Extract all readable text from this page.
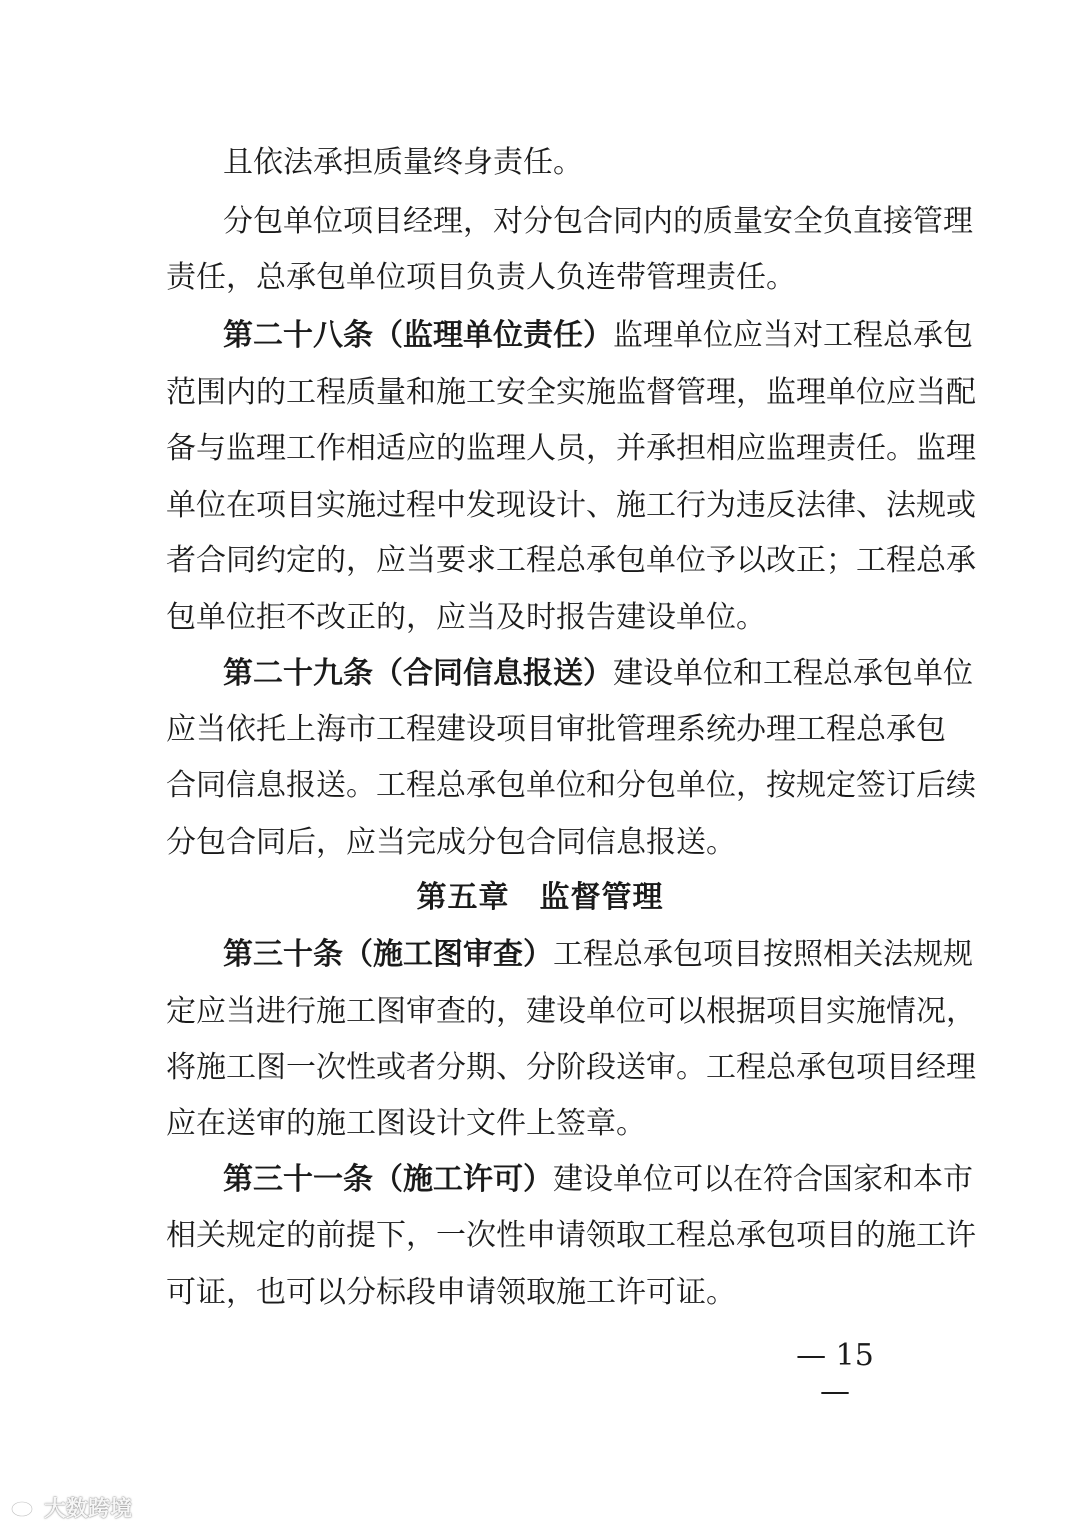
且依法承担质量终身责任。
分包单位项目经理，对分包合同内的质量安全负直接管理
责任，总承包单位项目负责人负连带管理责任。
第二十八条（监理单位责任）监理单位应当对工程总承包
范围内的工程质量和施工安全实施监督管理，监理单位应当配
备与监理工作相适应的监理人员，并承担相应监理责任。监理
单位在项目实施过程中发现设计、施工行为违反法律、法规或
者合同约定的，应当要求工程总承包单位予以改正；工程总承
包单位拒不改正的，应当及时报告建设单位。
第二十九条（合同信息报送）建设单位和工程总承包单位
应当依托上海市工程建设项目审批管理系统办理工程总承包
合同信息报送。工程总承包单位和分包单位，按规定签订后续
分包合同后，应当完成分包合同信息报送。
第五章 监督管理
第三十条（施工图审查）工程总承包项目按照相关法规规
定应当进行施工图审查的，建设单位可以根据项目实施情况，
将施工图一次性或者分期、分阶段送审。工程总承包项目经理
应在送审的施工图设计文件上签章。
第三十一条（施工许可）建设单位可以在符合国家和本市
相关规定的前提下，一次性申请领取工程总承包项目的施工许
可证，也可以分标段申请领取施工许可证。
— 15 —
大数跨境
